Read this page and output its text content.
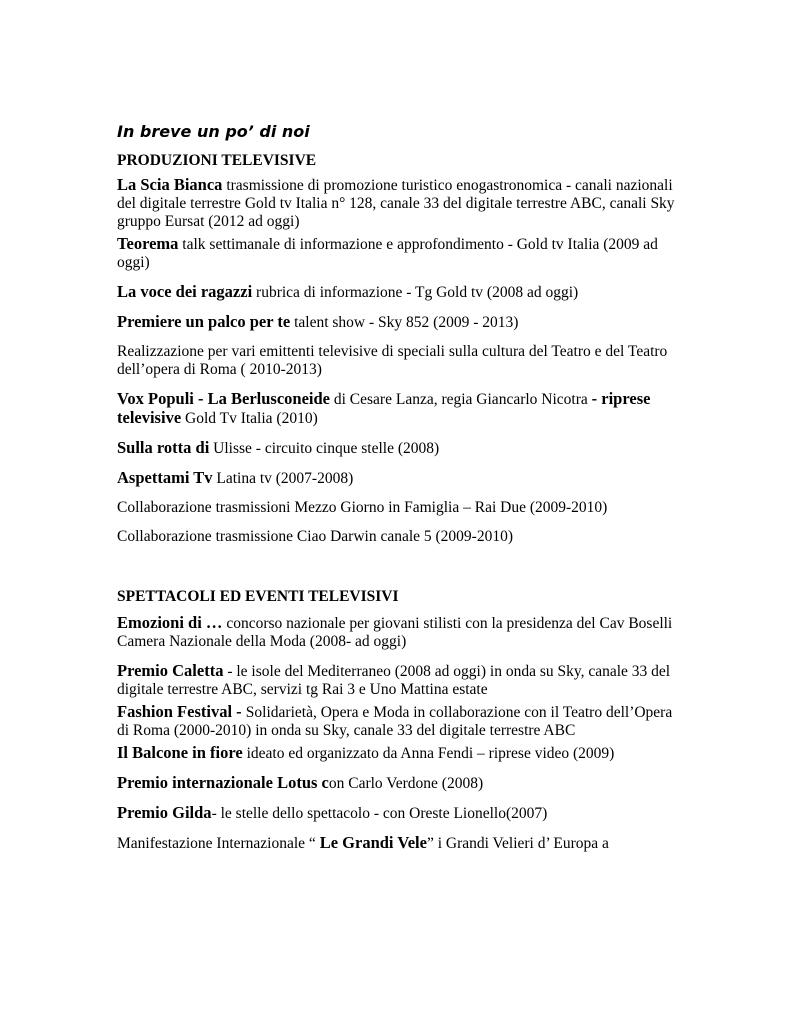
In breve un po’ di noi
PRODUZIONI TELEVISIVE
La Scia Bianca trasmissione di promozione turistico enogastronomica - canali nazionali del digitale terrestre Gold tv Italia n° 128, canale 33 del digitale terrestre ABC, canali Sky gruppo Eursat (2012 ad oggi)
Teorema talk settimanale di informazione e approfondimento - Gold tv Italia (2009 ad oggi)
La voce dei ragazzi rubrica di informazione - Tg Gold tv (2008 ad oggi)
Premiere un palco per te talent show - Sky 852 (2009 - 2013)
Realizzazione per vari emittenti televisive di speciali sulla cultura del Teatro e del Teatro dell’opera di Roma ( 2010-2013)
Vox Populi - La Berlusconeide di Cesare Lanza, regia Giancarlo Nicotra - riprese televisive Gold Tv Italia (2010)
Sulla rotta di Ulisse - circuito cinque stelle (2008)
Aspettami Tv Latina tv (2007-2008)
Collaborazione trasmissioni Mezzo Giorno in Famiglia – Rai Due (2009-2010)
Collaborazione trasmissione Ciao Darwin canale 5 (2009-2010)
SPETTACOLI ED EVENTI TELEVISIVI
Emozioni di … concorso nazionale per giovani stilisti con la presidenza del Cav Boselli Camera Nazionale della Moda (2008- ad oggi)
Premio Caletta - le isole del Mediterraneo (2008 ad oggi) in onda su Sky, canale 33 del digitale terrestre ABC, servizi tg Rai 3 e Uno Mattina estate
Fashion Festival - Solidarietà, Opera e Moda in collaborazione con il Teatro dell’Opera di Roma (2000-2010) in onda su Sky, canale 33 del digitale terrestre ABC
Il Balcone in fiore ideato ed organizzato da Anna Fendi – riprese video (2009)
Premio internazionale Lotus con Carlo Verdone (2008)
Premio Gilda- le stelle dello spettacolo - con Oreste Lionello(2007)
Manifestazione Internazionale “ Le Grandi Vele” i Grandi Velieri d’ Europa a
